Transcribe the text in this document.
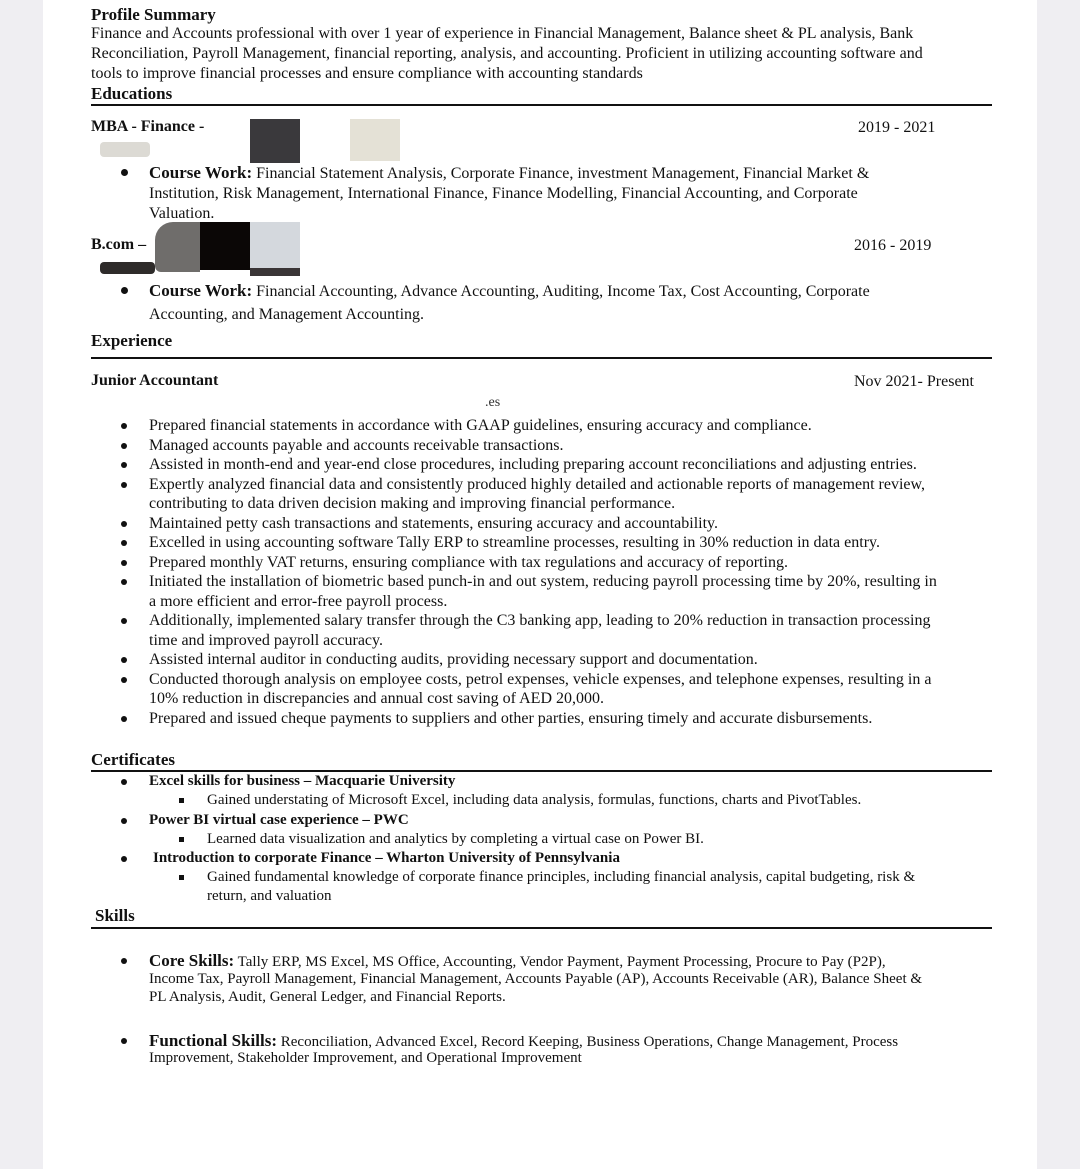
Profile Summary
Finance and Accounts professional with over 1 year of experience in Financial Management, Balance sheet & PL analysis, Bank
Reconciliation, Payroll Management, financial reporting, analysis, and accounting. Proficient in utilizing accounting software and
tools to improve financial processes and ensure compliance with accounting standards
Educations
MBA - Finance -	2019 - 2021
Course Work: Financial Statement Analysis, Corporate Finance, investment Management, Financial Market &
Institution, Risk Management, International Finance, Finance Modelling, Financial Accounting, and Corporate
Valuation.
B.com –	2016 - 2019
Course Work: Financial Accounting, Advance Accounting, Auditing, Income Tax, Cost Accounting, Corporate
Accounting, and Management Accounting.
Experience
Junior Accountant	Nov 2021- Present
.es
Prepared financial statements in accordance with GAAP guidelines, ensuring accuracy and compliance.
Managed accounts payable and accounts receivable transactions.
Assisted in month-end and year-end close procedures, including preparing account reconciliations and adjusting entries.
Expertly analyzed financial data and consistently produced highly detailed and actionable reports of management review,
contributing to data driven decision making and improving financial performance.
Maintained petty cash transactions and statements, ensuring accuracy and accountability.
Excelled in using accounting software Tally ERP to streamline processes, resulting in 30% reduction in data entry.
Prepared monthly VAT returns, ensuring compliance with tax regulations and accuracy of reporting.
Initiated the installation of biometric based punch-in and out system, reducing payroll processing time by 20%, resulting in
a more efficient and error-free payroll process.
Additionally, implemented salary transfer through the C3 banking app, leading to 20% reduction in transaction processing
time and improved payroll accuracy.
Assisted internal auditor in conducting audits, providing necessary support and documentation.
Conducted thorough analysis on employee costs, petrol expenses, vehicle expenses, and telephone expenses, resulting in a
10% reduction in discrepancies and annual cost saving of AED 20,000.
Prepared and issued cheque payments to suppliers and other parties, ensuring timely and accurate disbursements.
Certificates
Excel skills for business – Macquarie University
Gained understating of Microsoft Excel, including data analysis, formulas, functions, charts and PivotTables.
Power BI virtual case experience – PWC
Learned data visualization and analytics by completing a virtual case on Power BI.
Introduction to corporate Finance – Wharton University of Pennsylvania
Gained fundamental knowledge of corporate finance principles, including financial analysis, capital budgeting, risk &
return, and valuation
Skills
Core Skills: Tally ERP, MS Excel, MS Office, Accounting, Vendor Payment, Payment Processing, Procure to Pay (P2P),
Income Tax, Payroll Management, Financial Management, Accounts Payable (AP), Accounts Receivable (AR), Balance Sheet &
PL Analysis, Audit, General Ledger, and Financial Reports.
Functional Skills: Reconciliation, Advanced Excel, Record Keeping, Business Operations, Change Management, Process
Improvement, Stakeholder Improvement, and Operational Improvement
